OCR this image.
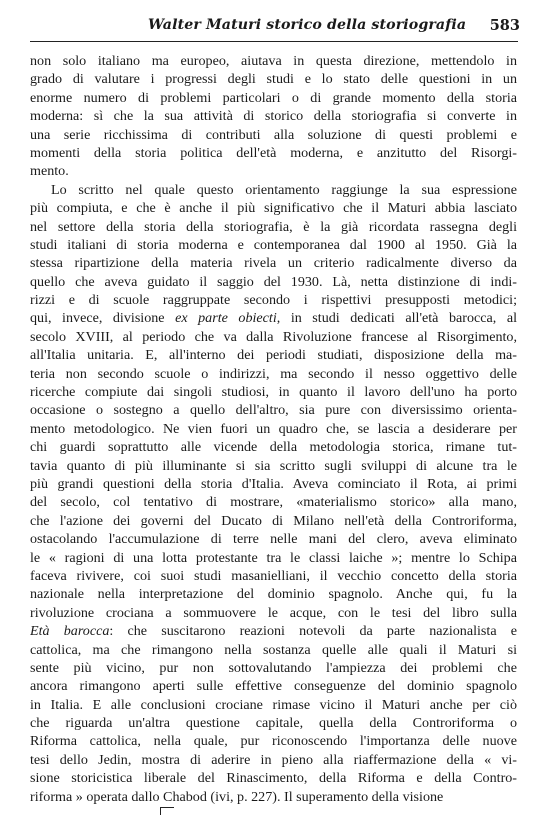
Walter Maturi storico della storiografia 583
non solo italiano ma europeo, aiutava in questa direzione, mettendolo in
grado di valutare i progressi degli studi e lo stato delle questioni in un
enorme numero di problemi particolari o di grande momento della storia
moderna: sì che la sua attività di storico della storiografia si converte in
una serie ricchissima di contributi alla soluzione di questi problemi e
momenti della storia politica dell'età moderna, e anzitutto del Risorgi-
mento.
Lo scritto nel quale questo orientamento raggiunge la sua espressione
più compiuta, e che è anche il più significativo che il Maturi abbia lasciato
nel settore della storia della storiografia, è la già ricordata rassegna degli
studi italiani di storia moderna e contemporanea dal 1900 al 1950. Già la
stessa ripartizione della materia rivela un criterio radicalmente diverso da
quello che aveva guidato il saggio del 1930. Là, netta distinzione di indi-
rizzi e di scuole raggruppate secondo i rispettivi presupposti metodici;
qui, invece, divisione ex parte obiecti, in studi dedicati all'età barocca, al
secolo XVIII, al periodo che va dalla Rivoluzione francese al Risorgimento,
all'Italia unitaria. E, all'interno dei periodi studiati, disposizione della ma-
teria non secondo scuole o indirizzi, ma secondo il nesso oggettivo delle
ricerche compiute dai singoli studiosi, in quanto il lavoro dell'uno ha porto
occasione o sostegno a quello dell'altro, sia pure con diversissimo orienta-
mento metodologico. Ne vien fuori un quadro che, se lascia a desiderare per
chi guardi soprattutto alle vicende della metodologia storica, rimane tut-
tavia quanto di più illuminante si sia scritto sugli sviluppi di alcune tra le
più grandi questioni della storia d'Italia. Aveva cominciato il Rota, ai primi
del secolo, col tentativo di mostrare, «materialismo storico» alla mano,
che l'azione dei governi del Ducato di Milano nell'età della Controriforma,
ostacolando l'accumulazione di terre nelle mani del clero, aveva eliminato
le « ragioni di una lotta protestante tra le classi laiche »; mentre lo Schipa
faceva rivivere, coi suoi studi masanielliani, il vecchio concetto della storia
nazionale nella interpretazione del dominio spagnolo. Anche qui, fu la
rivoluzione crociana a sommuovere le acque, con le tesi del libro sulla
Età barocca: che suscitarono reazioni notevoli da parte nazionalista e
cattolica, ma che rimangono nella sostanza quelle alle quali il Maturi si
sente più vicino, pur non sottovalutando l'ampiezza dei problemi che
ancora rimangono aperti sulle effettive conseguenze del dominio spagnolo
in Italia. E alle conclusioni crociane rimase vicino il Maturi anche per ciò
che riguarda un'altra questione capitale, quella della Controriforma o
Riforma cattolica, nella quale, pur riconoscendo l'importanza delle nuove
tesi dello Jedin, mostra di aderire in pieno alla riaffermazione della « vi-
sione storicistica liberale del Rinascimento, della Riforma e della Contro-
riforma » operata dallo Chabod (ivi, p. 227). Il superamento della visione
